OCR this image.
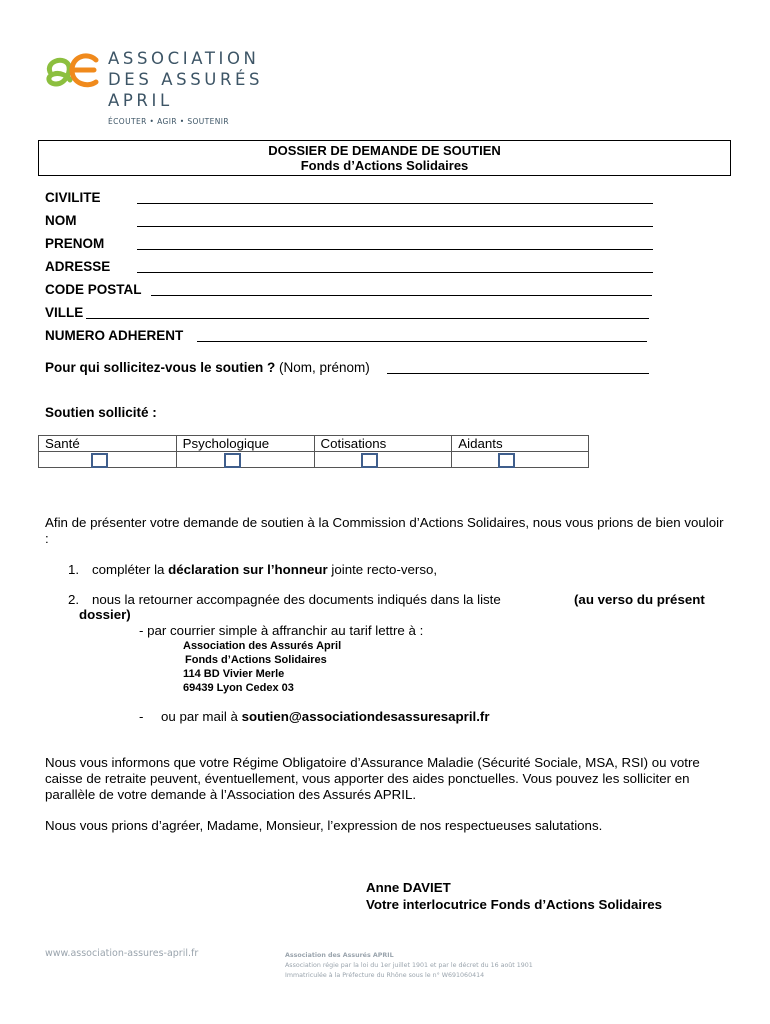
ASSOCIATION
DES ASSURÉS
APRIL
ÉCOUTER • AGIR • SOUTENIR
DOSSIER DE DEMANDE DE SOUTIEN
Fonds d’Actions Solidaires
CIVILITE
NOM
PRENOM
ADRESSE
CODE POSTAL
VILLE
NUMERO ADHERENT
Pour qui sollicitez-vous le soutien ? (Nom, prénom)
Soutien sollicité :
Santé	Psychologique	Cotisations	Aidants

Afin de présenter votre demande de soutien à la Commission d’Actions Solidaires, nous vous prions de bien vouloir :
1. compléter la déclaration sur l’honneur jointe recto-verso,
2. nous la retourner accompagnée des documents indiqués dans la liste	(au verso du présent
dossier)
- par courrier simple à affranchir au tarif lettre à :
Association des Assurés April
Fonds d’Actions Solidaires
114 BD Vivier Merle
69439 Lyon Cedex 03
- ou par mail à soutien@associationdesassuresapril.fr
Nous vous informons que votre Régime Obligatoire d’Assurance Maladie (Sécurité Sociale, MSA, RSI) ou votre caisse de retraite peuvent, éventuellement, vous apporter des aides ponctuelles. Vous pouvez les solliciter en parallèle de votre demande à l’Association des Assurés APRIL.
Nous vous prions d’agréer, Madame, Monsieur, l’expression de nos respectueuses salutations.
Anne DAVIET
Votre interlocutrice Fonds d’Actions Solidaires
www.association-assures-april.fr	Association des Assurés APRIL
Association régie par la loi du 1er juillet 1901 et par le décret du 16 août 1901
Immatriculée à la Préfecture du Rhône sous le n° W691060414
